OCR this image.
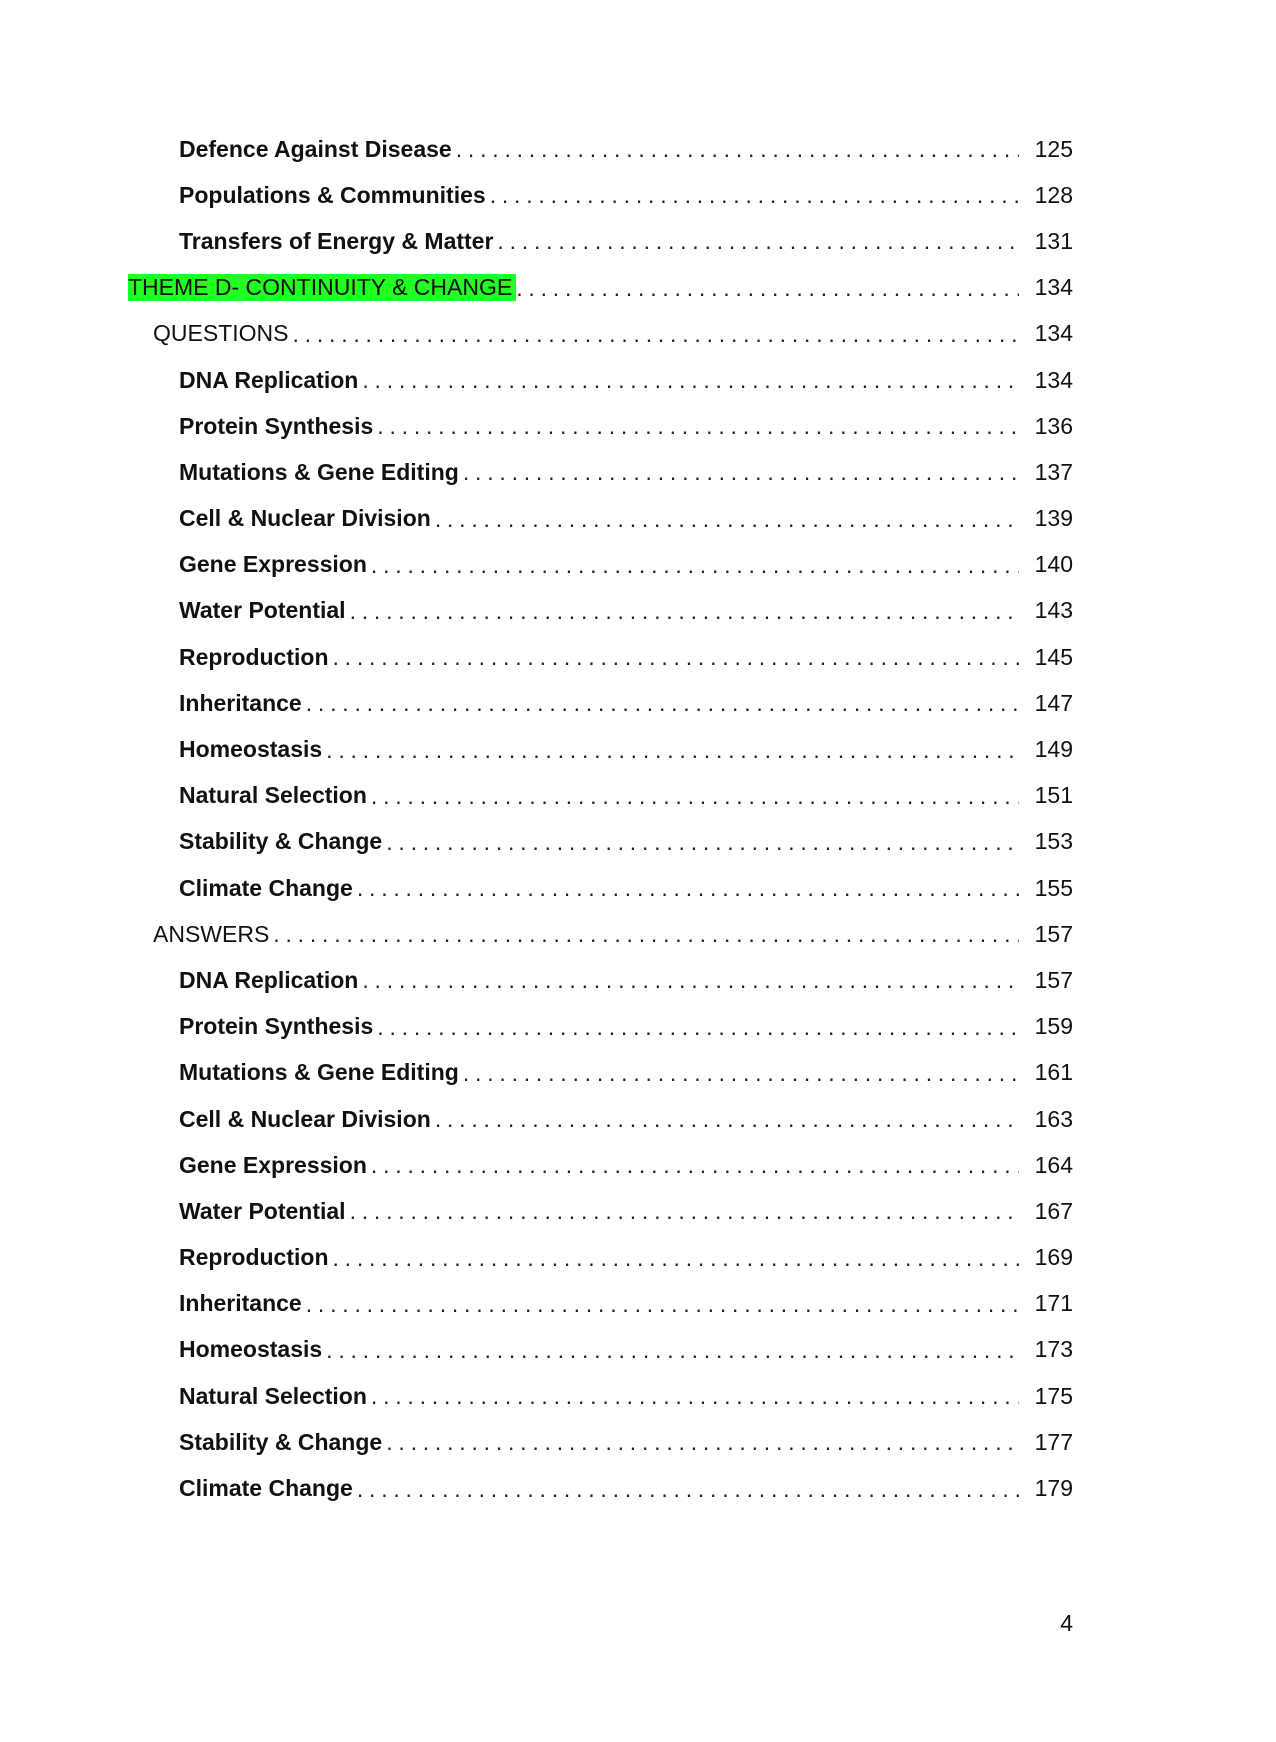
Defence Against Disease . . .	125
Populations & Communities . . .	128
Transfers of Energy & Matter . . .	131
THEME D- CONTINUITY & CHANGE . . .	134
QUESTIONS . . .	134
DNA Replication . . .	134
Protein Synthesis . . .	136
Mutations & Gene Editing . . .	137
Cell & Nuclear Division . . .	139
Gene Expression . . .	140
Water Potential . . .	143
Reproduction . . .	145
Inheritance . . .	147
Homeostasis . . .	149
Natural Selection . . .	151
Stability & Change . . .	153
Climate Change . . .	155
ANSWERS . . .	157
DNA Replication . . .	157
Protein Synthesis . . .	159
Mutations & Gene Editing . . .	161
Cell & Nuclear Division . . .	163
Gene Expression . . .	164
Water Potential . . .	167
Reproduction . . .	169
Inheritance . . .	171
Homeostasis . . .	173
Natural Selection . . .	175
Stability & Change . . .	177
Climate Change . . .	179
4
